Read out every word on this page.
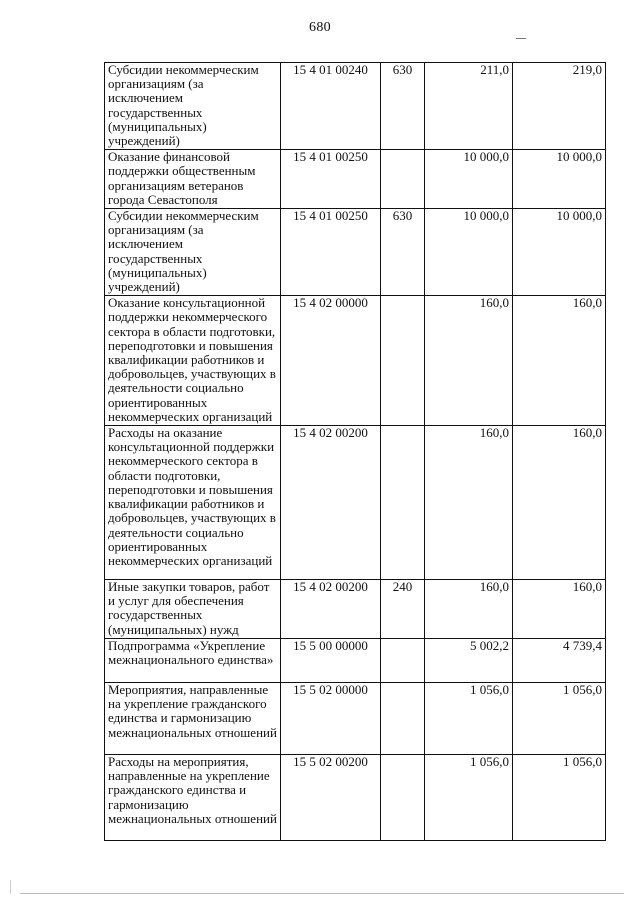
680
Субсидии некоммерческим организациям (за исключением государственных (муниципальных) учреждений)	15 4 01 00240	630	211,0	219,0
Оказание финансовой поддержки общественным организациям ветеранов города Севастополя	15 4 01 00250		10 000,0	10 000,0
Субсидии некоммерческим организациям (за исключением государственных (муниципальных) учреждений)	15 4 01 00250	630	10 000,0	10 000,0
Оказание консультационной поддержки некоммерческого сектора в области подготовки, переподготовки и повышения квалификации работников и добровольцев, участвующих в деятельности социально ориентированных некоммерческих организаций	15 4 02 00000		160,0	160,0
Расходы на оказание консультационной поддержки некоммерческого сектора в области подготовки, переподготовки и повышения квалификации работников и добровольцев, участвующих в деятельности социально ориентированных некоммерческих организаций	15 4 02 00200		160,0	160,0
Иные закупки товаров, работ и услуг для обеспечения государственных (муниципальных) нужд	15 4 02 00200	240	160,0	160,0
Подпрограмма «Укрепление межнационального единства»	15 5 00 00000		5 002,2	4 739,4
Мероприятия, направленные на укрепление гражданского единства и гармонизацию межнациональных отношений	15 5 02 00000		1 056,0	1 056,0
Расходы на мероприятия, направленные на укрепление гражданского единства и гармонизацию межнациональных отношений	15 5 02 00200		1 056,0	1 056,0
